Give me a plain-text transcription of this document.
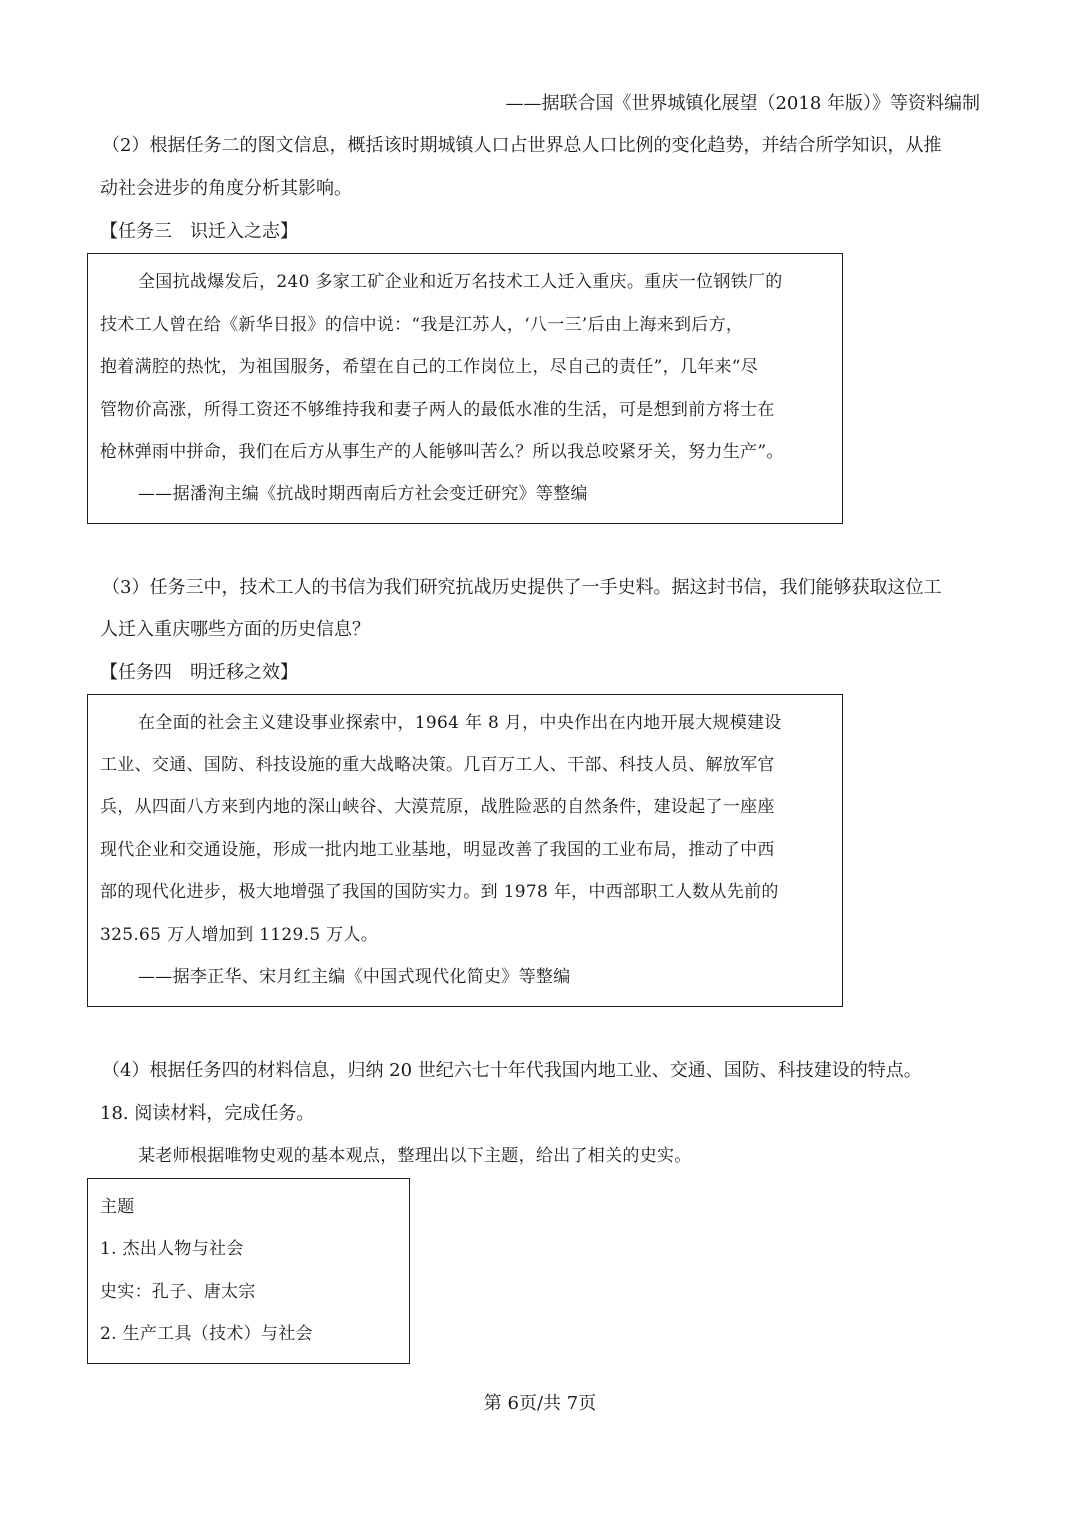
——据联合国《世界城镇化展望（2018 年版）》等资料编制
（2）根据任务二的图文信息，概括该时期城镇人口占世界总人口比例的变化趋势，并结合所学知识，从推
动社会进步的角度分析其影响。
【任务三　识迁入之志】
全国抗战爆发后，240 多家工矿企业和近万名技术工人迁入重庆。重庆一位钢铁厂的
技术工人曾在给《新华日报》的信中说：“我是江苏人，‘八一三’后由上海来到后方，
抱着满腔的热忱，为祖国服务，希望在自己的工作岗位上，尽自己的责任”，几年来“尽
管物价高涨，所得工资还不够维持我和妻子两人的最低水准的生活，可是想到前方将士在
枪林弹雨中拼命，我们在后方从事生产的人能够叫苦么？所以我总咬紧牙关，努力生产”。
——据潘洵主编《抗战时期西南后方社会变迁研究》等整编
（3）任务三中，技术工人的书信为我们研究抗战历史提供了一手史料。据这封书信，我们能够获取这位工
人迁入重庆哪些方面的历史信息？
【任务四　明迁移之效】
在全面的社会主义建设事业探索中，1964 年 8 月，中央作出在内地开展大规模建设
工业、交通、国防、科技设施的重大战略决策。几百万工人、干部、科技人员、解放军官
兵，从四面八方来到内地的深山峡谷、大漠荒原，战胜险恶的自然条件，建设起了一座座
现代企业和交通设施，形成一批内地工业基地，明显改善了我国的工业布局，推动了中西
部的现代化进步，极大地增强了我国的国防实力。到 1978 年，中西部职工人数从先前的
325.65 万人增加到 1129.5 万人。
——据李正华、宋月红主编《中国式现代化简史》等整编
（4）根据任务四的材料信息，归纳 20 世纪六七十年代我国内地工业、交通、国防、科技建设的特点。
18. 阅读材料，完成任务。
某老师根据唯物史观的基本观点，整理出以下主题，给出了相关的史实。
主题
1. 杰出人物与社会
史实：孔子、唐太宗
2. 生产工具（技术）与社会
第 6页/共 7页
